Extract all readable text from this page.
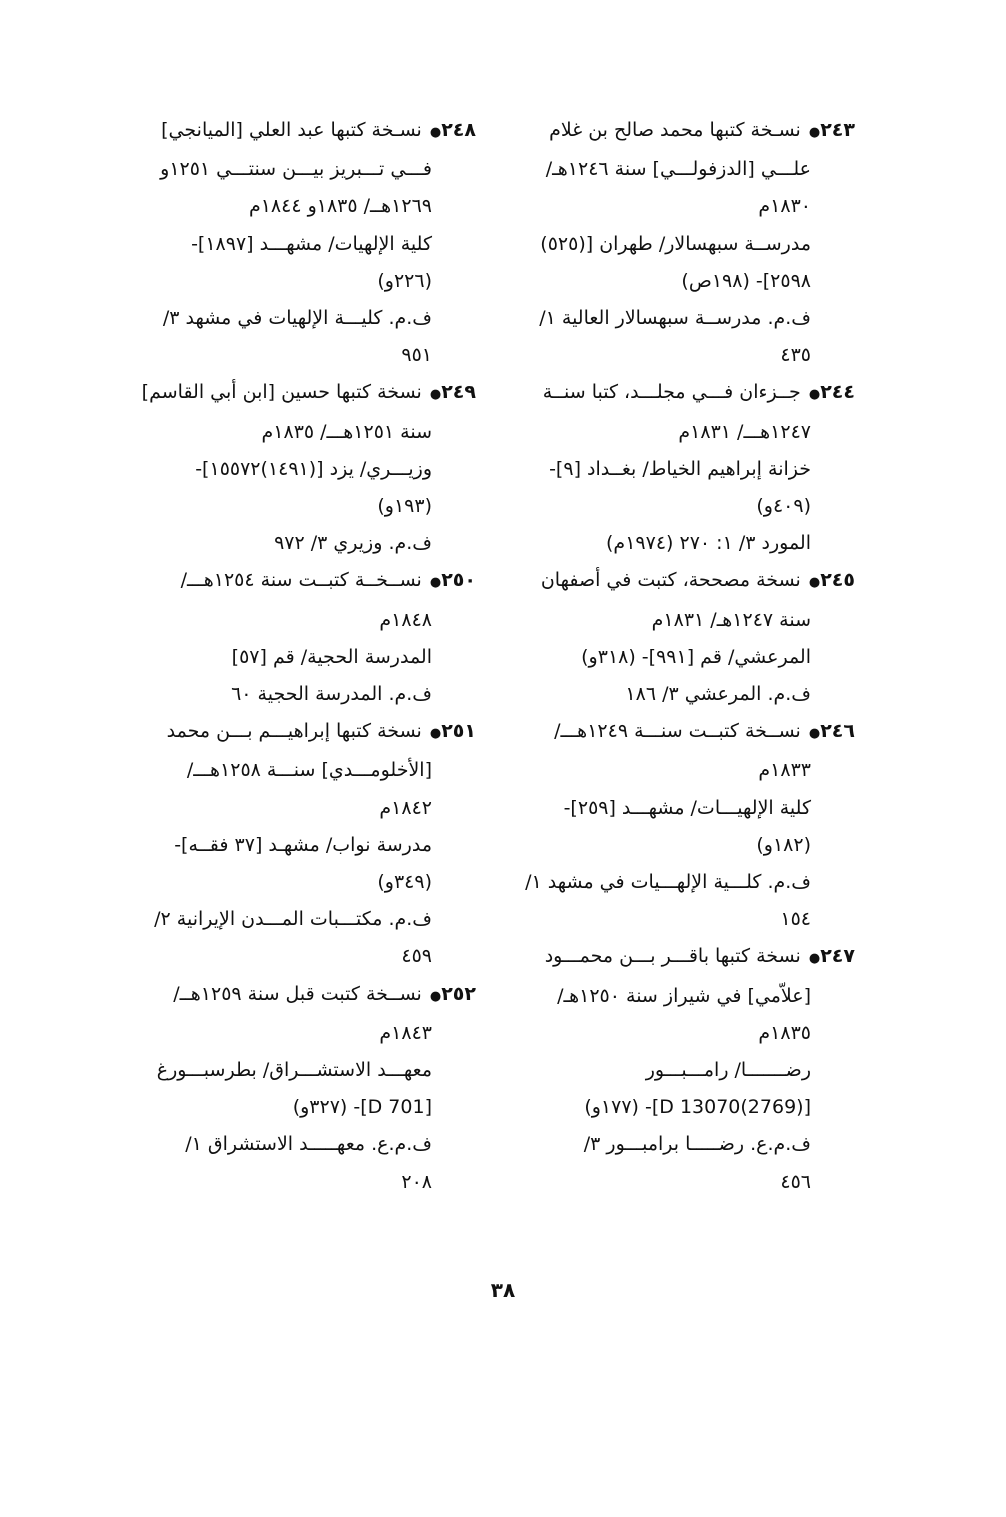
٢٤٣● نسـخة كتبها محمد صالح بن غلام
علـــي [الدزفولـــي] سنة ١٢٤٦هـ/
١٨٣٠م
مدرســة سبهسالار/ طهران [(٥٢٥)
٢٥٩٨]- (١٩٨ص)
ف.م. مدرســة سبهسالار العالية ١/
٤٣٥
٢٤٤● جــزءان فـــي مجلـــد، كتبا سنــة
١٢٤٧هـــ/ ١٨٣١م
خزانة إبراهيم الخياط/ بغــداد [٩]-
(٤٠٩و)
المورد ٣/ ١: ٢٧٠ (١٩٧٤م)
٢٤٥● نسخة مصححة، كتبت في أصفهان
سنة ١٢٤٧هـ/ ١٨٣١م
المرعشي/ قم [٩٩١]- (٣١٨و)
ف.م. المرعشي ٣/ ١٨٦
٢٤٦● نســخة كتبــت سنـــة ١٢٤٩هـــ/
١٨٣٣م
كلية الإلهيـــات/ مشهـــد [٢٥٩]-
(١٨٢و)
ف.م. كلـــية الإلهـــيات في مشهد ١/
١٥٤
٢٤٧● نسخة كتبها باقـــر بـــن محمـــود
[علاّمي] في شيراز سنة ١٢٥٠هـ/
١٨٣٥م
رضـــــــا/ رامـــبـــور
[D 13070(2769)]- (١٧٧و)
ف.م.ع. رضـــــا برامبـــور ٣/
٤٥٦
٢٤٨● نسـخة كتبها عبد العلي [الميانجي]
فـــي تـــبريز بيـــن سنتـــي ١٢٥١و
١٢٦٩هــ/ ١٨٣٥و ١٨٤٤م
كلية الإلهيات/ مشهـــد [١٨٩٧]-
(٢٢٦و)
ف.م. كليـــة الإلهيات في مشهد ٣/
٩٥١
٢٤٩● نسخة كتبها حسين [ابن أبي القاسم]
سنة ١٢٥١هـــ/ ١٨٣٥م
وزيـــري/ يزد [(١٤٩١)١٥٥٧٢]-
(١٩٣و)
ف.م. وزيري ٣/ ٩٧٢
٢٥٠● نســخــة كتبــت سنة ١٢٥٤هـــ/
١٨٤٨م
المدرسة الحجية/ قم [٥٧]
ف.م. المدرسة الحجية ٦٠
٢٥١● نسخة كتبها إبراهيـــم بـــن محمد
[الأخلومـــدي] سنـــة ١٢٥٨هـــ/
١٨٤٢م
مدرسة نواب/ مشهـد [٣٧ فقــه]-
(٣٤٩و)
ف.م. مكتـــبات المـــدن الإيرانية ٢/
٤٥٩
٢٥٢● نســخة كتبت قبل سنة ١٢٥٩هــ/
١٨٤٣م
معهـــد الاستشـــراق/ بطرسبـــورغ
[D 701]- (٣٢٧و)
ف.م.ع. معهـــــد الاستشراق ١/
٢٠٨
٣٨
